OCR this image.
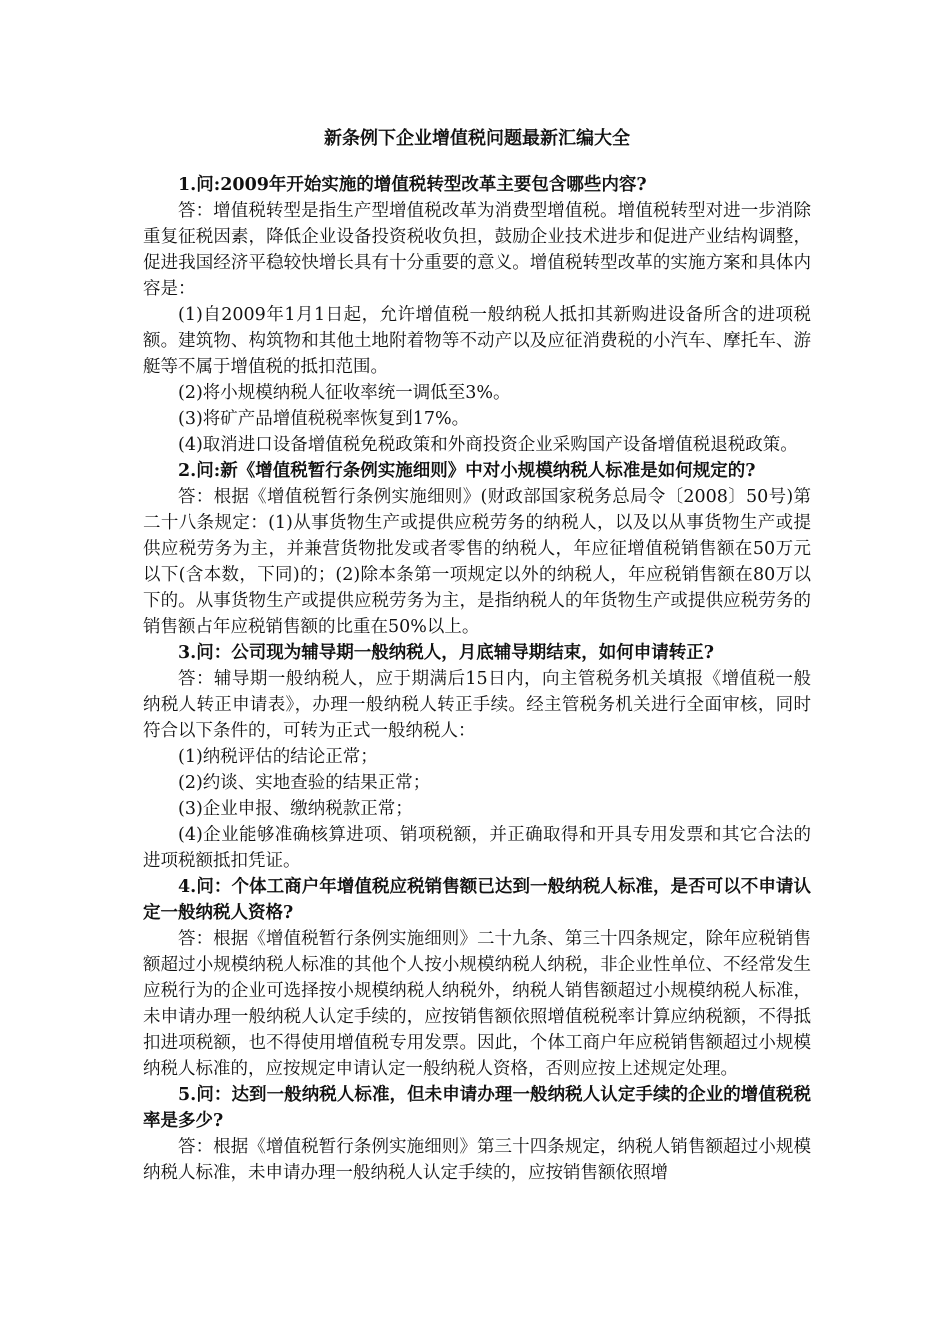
新条例下企业增值税问题最新汇编大全

1.问:2009年开始实施的增值税转型改革主要包含哪些内容?

答：增值税转型是指生产型增值税改革为消费型增值税。增值税转型对进一步消除重复征税因素，降低企业设备投资税收负担，鼓励企业技术进步和促进产业结构调整，促进我国经济平稳较快增长具有十分重要的意义。增值税转型改革的实施方案和具体内容是：

(1)自2009年1月1日起，允许增值税一般纳税人抵扣其新购进设备所含的进项税额。建筑物、构筑物和其他土地附着物等不动产以及应征消费税的小汽车、摩托车、游艇等不属于增值税的抵扣范围。

(2)将小规模纳税人征收率统一调低至3%。

(3)将矿产品增值税税率恢复到17%。

(4)取消进口设备增值税免税政策和外商投资企业采购国产设备增值税退税政策。

2.问:新《增值税暂行条例实施细则》中对小规模纳税人标准是如何规定的?

答：根据《增值税暂行条例实施细则》(财政部国家税务总局令〔2008〕50号)第二十八条规定：(1)从事货物生产或提供应税劳务的纳税人，以及以从事货物生产或提供应税劳务为主，并兼营货物批发或者零售的纳税人，年应征增值税销售额在50万元以下(含本数，下同)的；(2)除本条第一项规定以外的纳税人，年应税销售额在80万以下的。从事货物生产或提供应税劳务为主，是指纳税人的年货物生产或提供应税劳务的销售额占年应税销售额的比重在50%以上。

3.问：公司现为辅导期一般纳税人，月底辅导期结束，如何申请转正?

答：辅导期一般纳税人，应于期满后15日内，向主管税务机关填报《增值税一般纳税人转正申请表》，办理一般纳税人转正手续。经主管税务机关进行全面审核，同时符合以下条件的，可转为正式一般纳税人：

(1)纳税评估的结论正常；

(2)约谈、实地查验的结果正常；

(3)企业申报、缴纳税款正常；

(4)企业能够准确核算进项、销项税额，并正确取得和开具专用发票和其它合法的进项税额抵扣凭证。

4.问：个体工商户年增值税应税销售额已达到一般纳税人标准，是否可以不申请认定一般纳税人资格?

答：根据《增值税暂行条例实施细则》二十九条、第三十四条规定，除年应税销售额超过小规模纳税人标准的其他个人按小规模纳税人纳税，非企业性单位、不经常发生应税行为的企业可选择按小规模纳税人纳税外，纳税人销售额超过小规模纳税人标准，未申请办理一般纳税人认定手续的，应按销售额依照增值税税率计算应纳税额，不得抵扣进项税额，也不得使用增值税专用发票。因此，个体工商户年应税销售额超过小规模纳税人标准的，应按规定申请认定一般纳税人资格，否则应按上述规定处理。

5.问：达到一般纳税人标准，但未申请办理一般纳税人认定手续的企业的增值税税率是多少?

答：根据《增值税暂行条例实施细则》第三十四条规定，纳税人销售额超过小规模纳税人标准，未申请办理一般纳税人认定手续的，应按销售额依照增
